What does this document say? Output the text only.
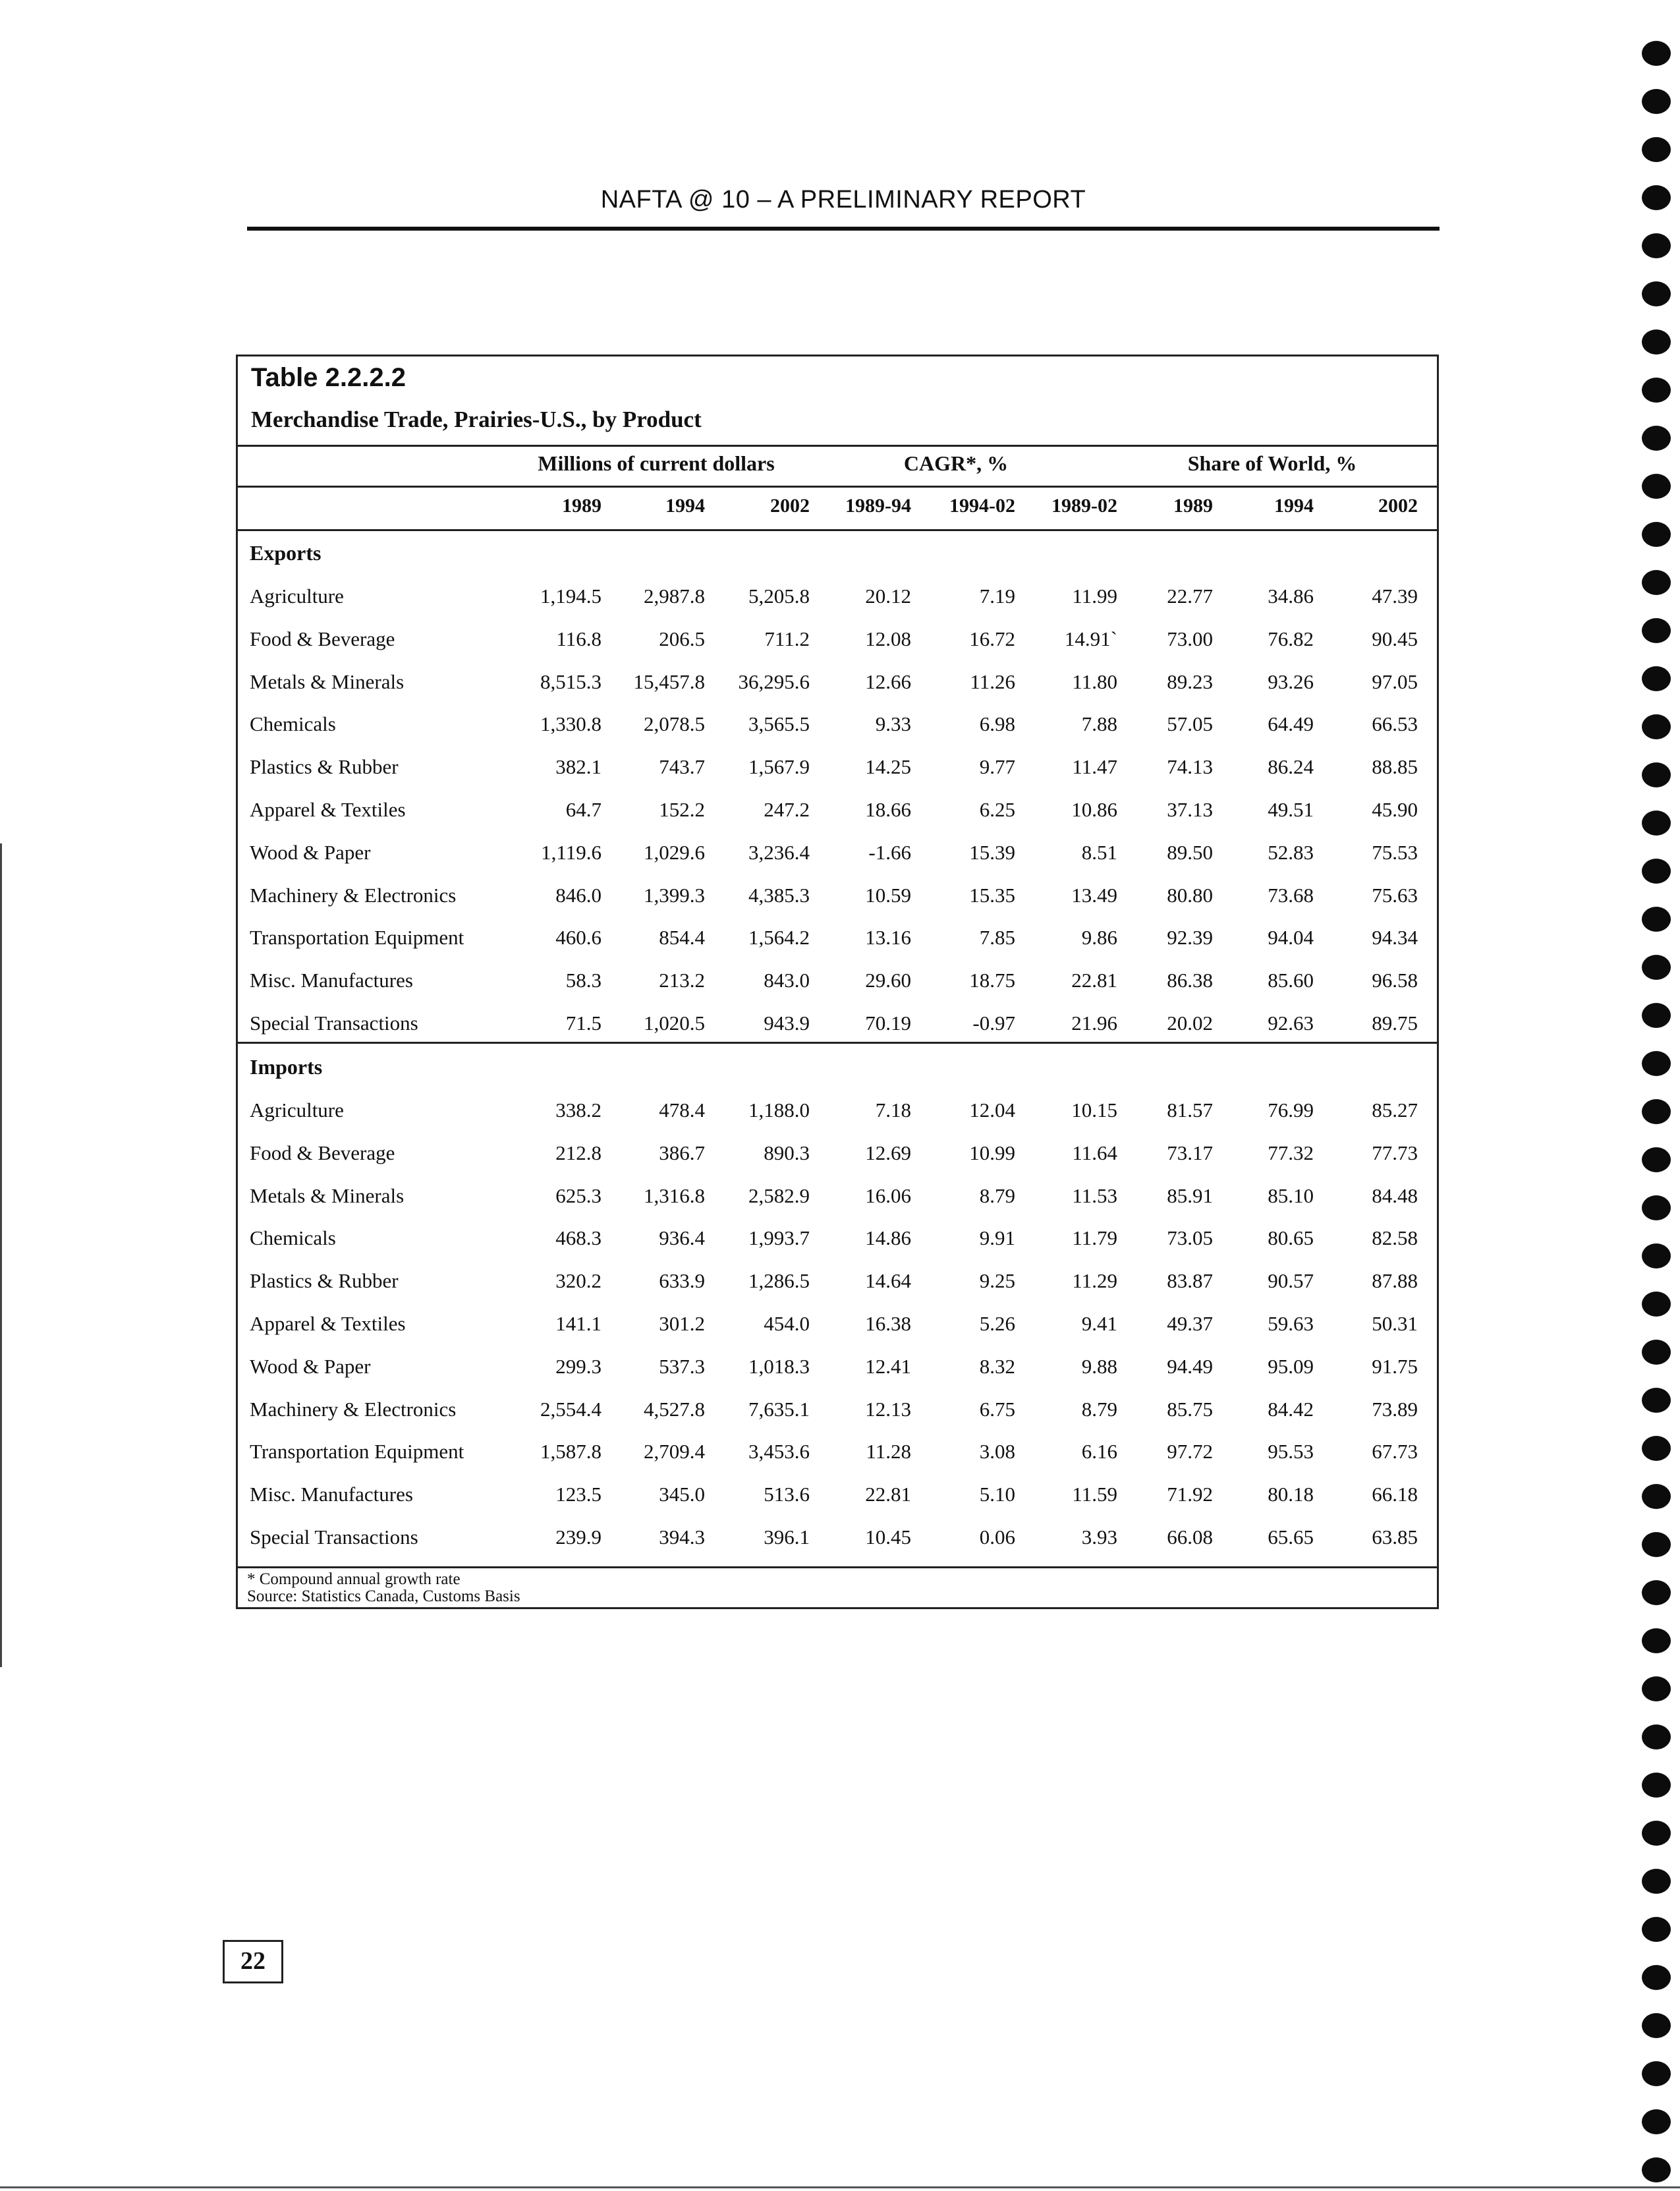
NAFTA @ 10 – A PRELIMINARY REPORT
Table 2.2.2.2
Merchandise Trade, Prairies-U.S., by Product
Millions of current dollars	CAGR*, %	Share of World, %
1989	1994	2002	1989-94	1994-02	1989-02	1989	1994	2002
Exports
Agriculture	1,194.5	2,987.8	5,205.8	20.12	7.19	11.99	22.77	34.86	47.39
Food & Beverage	116.8	206.5	711.2	12.08	16.72	14.91`	73.00	76.82	90.45
Metals & Minerals	8,515.3	15,457.8	36,295.6	12.66	11.26	11.80	89.23	93.26	97.05
Chemicals	1,330.8	2,078.5	3,565.5	9.33	6.98	7.88	57.05	64.49	66.53
Plastics & Rubber	382.1	743.7	1,567.9	14.25	9.77	11.47	74.13	86.24	88.85
Apparel & Textiles	64.7	152.2	247.2	18.66	6.25	10.86	37.13	49.51	45.90
Wood & Paper	1,119.6	1,029.6	3,236.4	-1.66	15.39	8.51	89.50	52.83	75.53
Machinery & Electronics	846.0	1,399.3	4,385.3	10.59	15.35	13.49	80.80	73.68	75.63
Transportation Equipment	460.6	854.4	1,564.2	13.16	7.85	9.86	92.39	94.04	94.34
Misc. Manufactures	58.3	213.2	843.0	29.60	18.75	22.81	86.38	85.60	96.58
Special Transactions	71.5	1,020.5	943.9	70.19	-0.97	21.96	20.02	92.63	89.75
Imports
Agriculture	338.2	478.4	1,188.0	7.18	12.04	10.15	81.57	76.99	85.27
Food & Beverage	212.8	386.7	890.3	12.69	10.99	11.64	73.17	77.32	77.73
Metals & Minerals	625.3	1,316.8	2,582.9	16.06	8.79	11.53	85.91	85.10	84.48
Chemicals	468.3	936.4	1,993.7	14.86	9.91	11.79	73.05	80.65	82.58
Plastics & Rubber	320.2	633.9	1,286.5	14.64	9.25	11.29	83.87	90.57	87.88
Apparel & Textiles	141.1	301.2	454.0	16.38	5.26	9.41	49.37	59.63	50.31
Wood & Paper	299.3	537.3	1,018.3	12.41	8.32	9.88	94.49	95.09	91.75
Machinery & Electronics	2,554.4	4,527.8	7,635.1	12.13	6.75	8.79	85.75	84.42	73.89
Transportation Equipment	1,587.8	2,709.4	3,453.6	11.28	3.08	6.16	97.72	95.53	67.73
Misc. Manufactures	123.5	345.0	513.6	22.81	5.10	11.59	71.92	80.18	66.18
Special Transactions	239.9	394.3	396.1	10.45	0.06	3.93	66.08	65.65	63.85
* Compound annual growth rate
Source: Statistics Canada, Customs Basis
22
